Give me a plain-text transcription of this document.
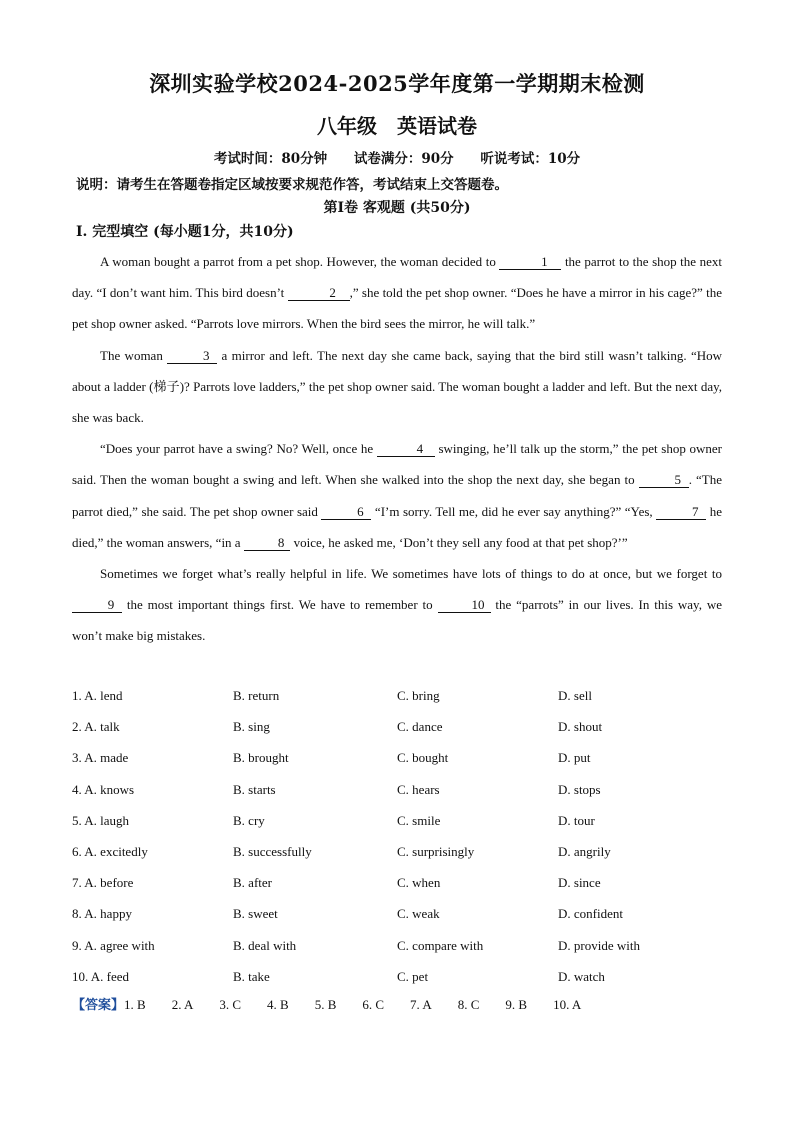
深圳实验学校2024-2025学年度第一学期期末检测
八年级 英语试卷
考试时间：80分钟 试卷满分：90分 听说考试：10分
说明：请考生在答题卷指定区域按要求规范作答，考试结束上交答题卷。
第Ⅰ卷 客观题 (共50分)
Ⅰ. 完型填空 (每小题1分，共10分)

A woman bought a parrot from a pet shop. However, the woman decided to	1 the parrot to the shop the next day. “I don’t want him. This bird doesn’t	2 ,” she told the pet shop owner. “Does he have a mirror in his cage?” the pet shop owner asked. “Parrots love mirrors. When the bird sees the mirror, he will talk.”

The woman	3 a mirror and left. The next day she came back, saying that the bird still wasn’t talking. “How about a ladder (梯子)? Parrots love ladders,” the pet shop owner said. The woman bought a ladder and left. But the next day, she was back.

“Does your parrot have a swing? No? Well, once he	4 swinging, he’ll talk up the storm,” the pet shop owner said. Then the woman bought a swing and left. When she walked into the shop the next day, she began to	5 . “The parrot died,” she said. The pet shop owner said	6 “I’m sorry. Tell me, did he ever say anything?” “Yes,	7 he died,” the woman answers, “in a	8 voice, he asked me, ‘Don’t they sell any food at that pet shop?’”

Sometimes we forget what’s really helpful in life. We sometimes have lots of things to do at once, but we forget to 9 the most important things first. We have to remember to	10 the “parrots” in our lives. In this way, we won’t make big mistakes.

1. A. lend	B. return	C. bring	D. sell
2. A. talk	B. sing	C. dance	D. shout
3. A. made	B. brought	C. bought	D. put
4. A. knows	B. starts	C. hears	D. stops
5. A. laugh	B. cry	C. smile	D. tour
6. A. excitedly	B. successfully	C. surprisingly	D. angrily
7. A. before	B. after	C. when	D. since
8. A. happy	B. sweet	C. weak	D. confident
9. A. agree with	B. deal with	C. compare with	D. provide with
10. A. feed	B. take	C. pet	D. watch
【答案】1. B 2. A 3. C 4. B 5. B 6. C 7. A 8. C 9. B 10. A
